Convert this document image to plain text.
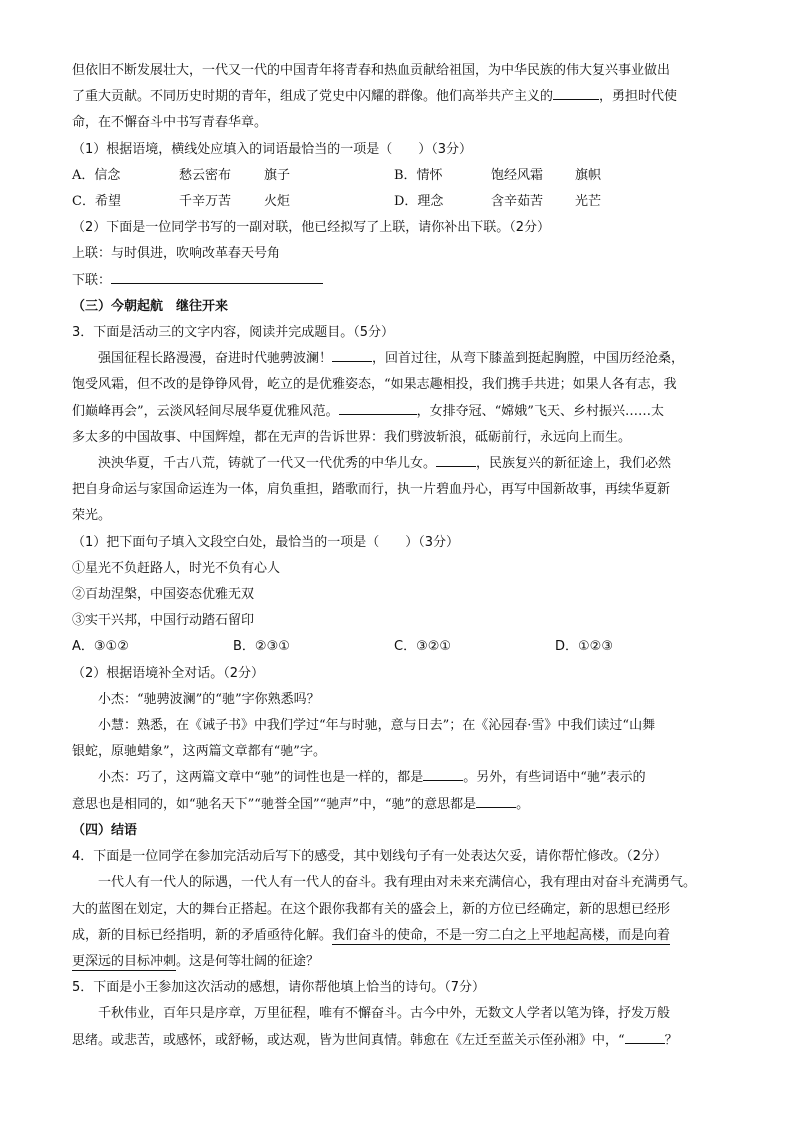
但依旧不断发展壮大，一代又一代的中国青年将青春和热血贡献给祖国，为中华民族的伟大复兴事业做出

了重大贡献。不同历史时期的青年，组成了党史中闪耀的群像。他们高举共产主义的	，勇担时代使

命，在不懈奋斗中书写青春华章。

（1）根据语境，横线处应填入的词语最恰当的一项是（　　）（3分）

A．信念	愁云密布	旗子	B．情怀	饱经风霜	旗帜
C．希望	千辛万苦	火炬	D．理念	含辛茹苦	光芒

（2）下面是一位同学书写的一副对联，他已经拟写了上联，请你补出下联。（2分）

上联：与时俱进，吹响改革春天号角

下联：

（三）今朝起航　继往开来

3．下面是活动三的文字内容，阅读并完成题目。（5分）

强国征程长路漫漫，奋进时代驰骋波澜！	，回首过往，从弯下膝盖到挺起胸膛，中国历经沧桑，

饱受风霜，但不改的是铮铮风骨，屹立的是优雅姿态，“如果志趣相投，我们携手共进；如果人各有志，我

们巅峰再会”，云淡风轻间尽展华夏优雅风范。	，女排夺冠、“嫦娥”飞天、乡村振兴……太

多太多的中国故事、中国辉煌，都在无声的告诉世界：我们劈波斩浪，砥砺前行，永远向上而生。

泱泱华夏，千古八荒，铸就了一代又一代优秀的中华儿女。	，民族复兴的新征途上，我们必然

把自身命运与家国命运连为一体，肩负重担，踏歌而行，执一片碧血丹心，再写中国新故事，再续华夏新

荣光。

（1）把下面句子填入文段空白处，最恰当的一项是（　　）（3分）

①星光不负赶路人，时光不负有心人

②百劫涅槃，中国姿态优雅无双

③实干兴邦，中国行动踏石留印

A．③①②	B．②③①	C．③②①	D．①②③

（2）根据语境补全对话。（2分）

小杰：“驰骋波澜”的“驰”字你熟悉吗？

小慧：熟悉，在《诫子书》中我们学过“年与时驰，意与日去”；在《沁园春·雪》中我们读过“山舞

银蛇，原驰蜡象”，这两篇文章都有“驰”字。

小杰：巧了，这两篇文章中“驰”的词性也是一样的，都是	。另外，有些词语中“驰”表示的

意思也是相同的，如“驰名天下”“驰誉全国”“驰声”中，“驰”的意思都是	。

（四）结语

4．下面是一位同学在参加完活动后写下的感受，其中划线句子有一处表达欠妥，请你帮忙修改。（2分）

一代人有一代人的际遇，一代人有一代人的奋斗。我有理由对未来充满信心，我有理由对奋斗充满勇气。

大的蓝图在划定，大的舞台正搭起。在这个跟你我都有关的盛会上，新的方位已经确定，新的思想已经形

成，新的目标已经指明，新的矛盾亟待化解。我们奋斗的使命，不是一穷二白之上平地起高楼，而是向着

更深远的目标冲刺。这是何等壮阔的征途？

5．下面是小王参加这次活动的感想，请你帮他填上恰当的诗句。（7分）

千秋伟业，百年只是序章，万里征程，唯有不懈奋斗。古今中外，无数文人学者以笔为锋，抒发万般

思绪。或悲苦，或感怀，或舒畅，或达观，皆为世间真情。韩愈在《左迁至蓝关示侄孙湘》中，“	？
